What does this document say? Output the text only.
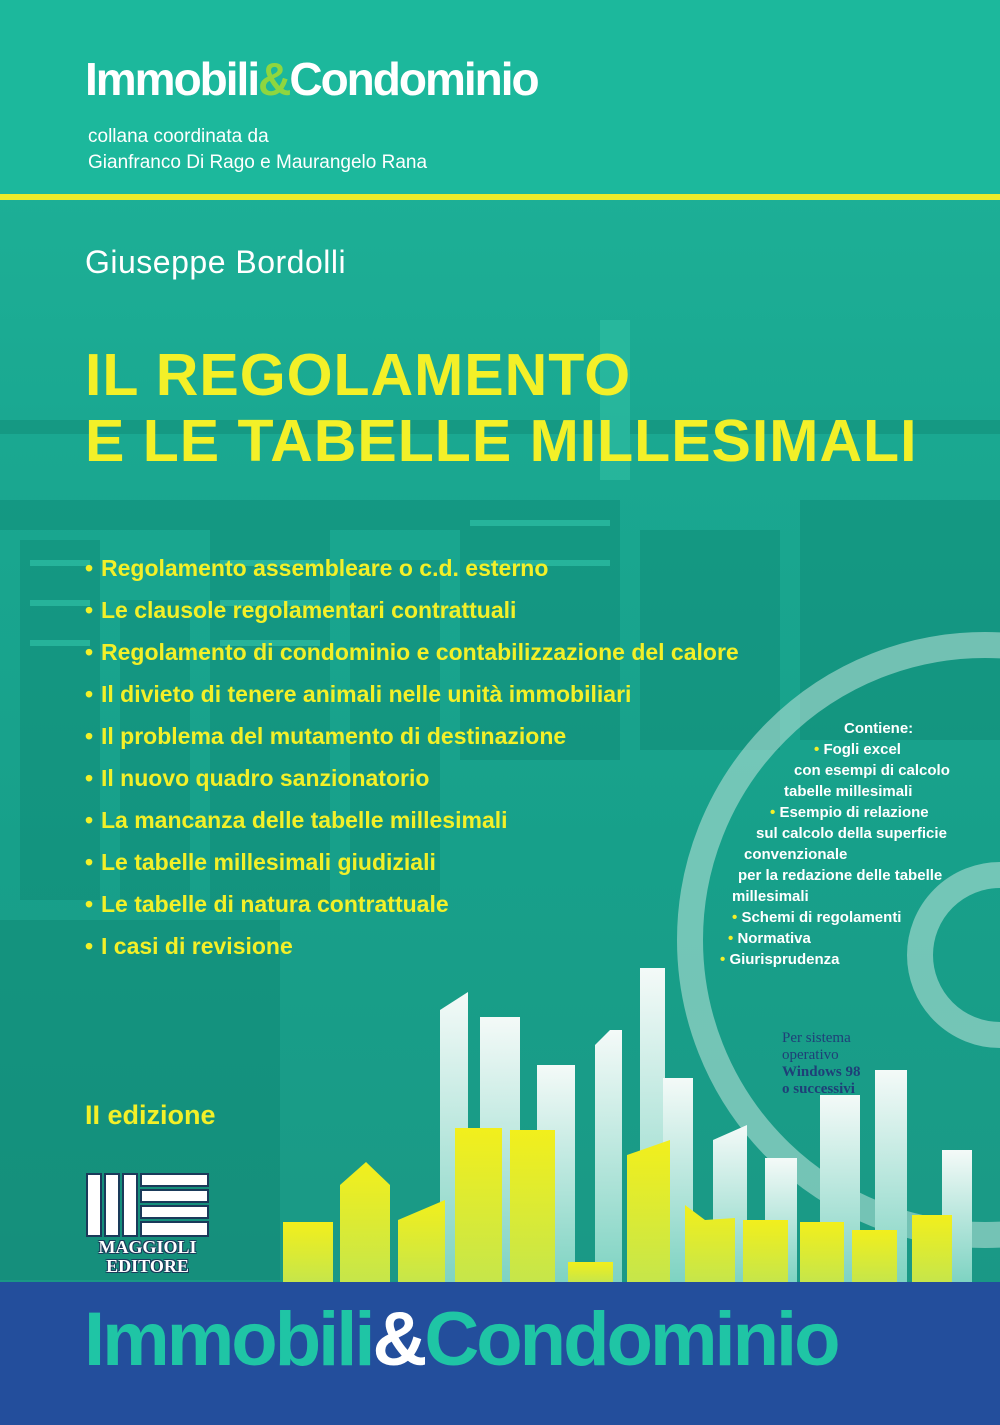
Immobili&Condominio
collana coordinata da
Gianfranco Di Rago e Maurangelo Rana
Giuseppe Bordolli
IL REGOLAMENTO
E LE TABELLE MILLESIMALI
• Regolamento assembleare o c.d. esterno
• Le clausole regolamentari contrattuali
• Regolamento di condominio e contabilizzazione del calore
• Il divieto di tenere animali nelle unità immobiliari
• Il problema del mutamento di destinazione
• Il nuovo quadro sanzionatorio
• La mancanza delle tabelle millesimali
• Le tabelle millesimali giudiziali
• Le tabelle di natura contrattuale
• I casi di revisione
Contiene:
• Fogli excel
con esempi di calcolo
tabelle millesimali
• Esempio di relazione
sul calcolo della superficie
convenzionale
per la redazione delle tabelle
millesimali
• Schemi di regolamenti
• Normativa
• Giurisprudenza
Per sistema
operativo
Windows 98
o successivi
II edizione
MAGGIOLI
EDITORE
Immobili&Condominio
